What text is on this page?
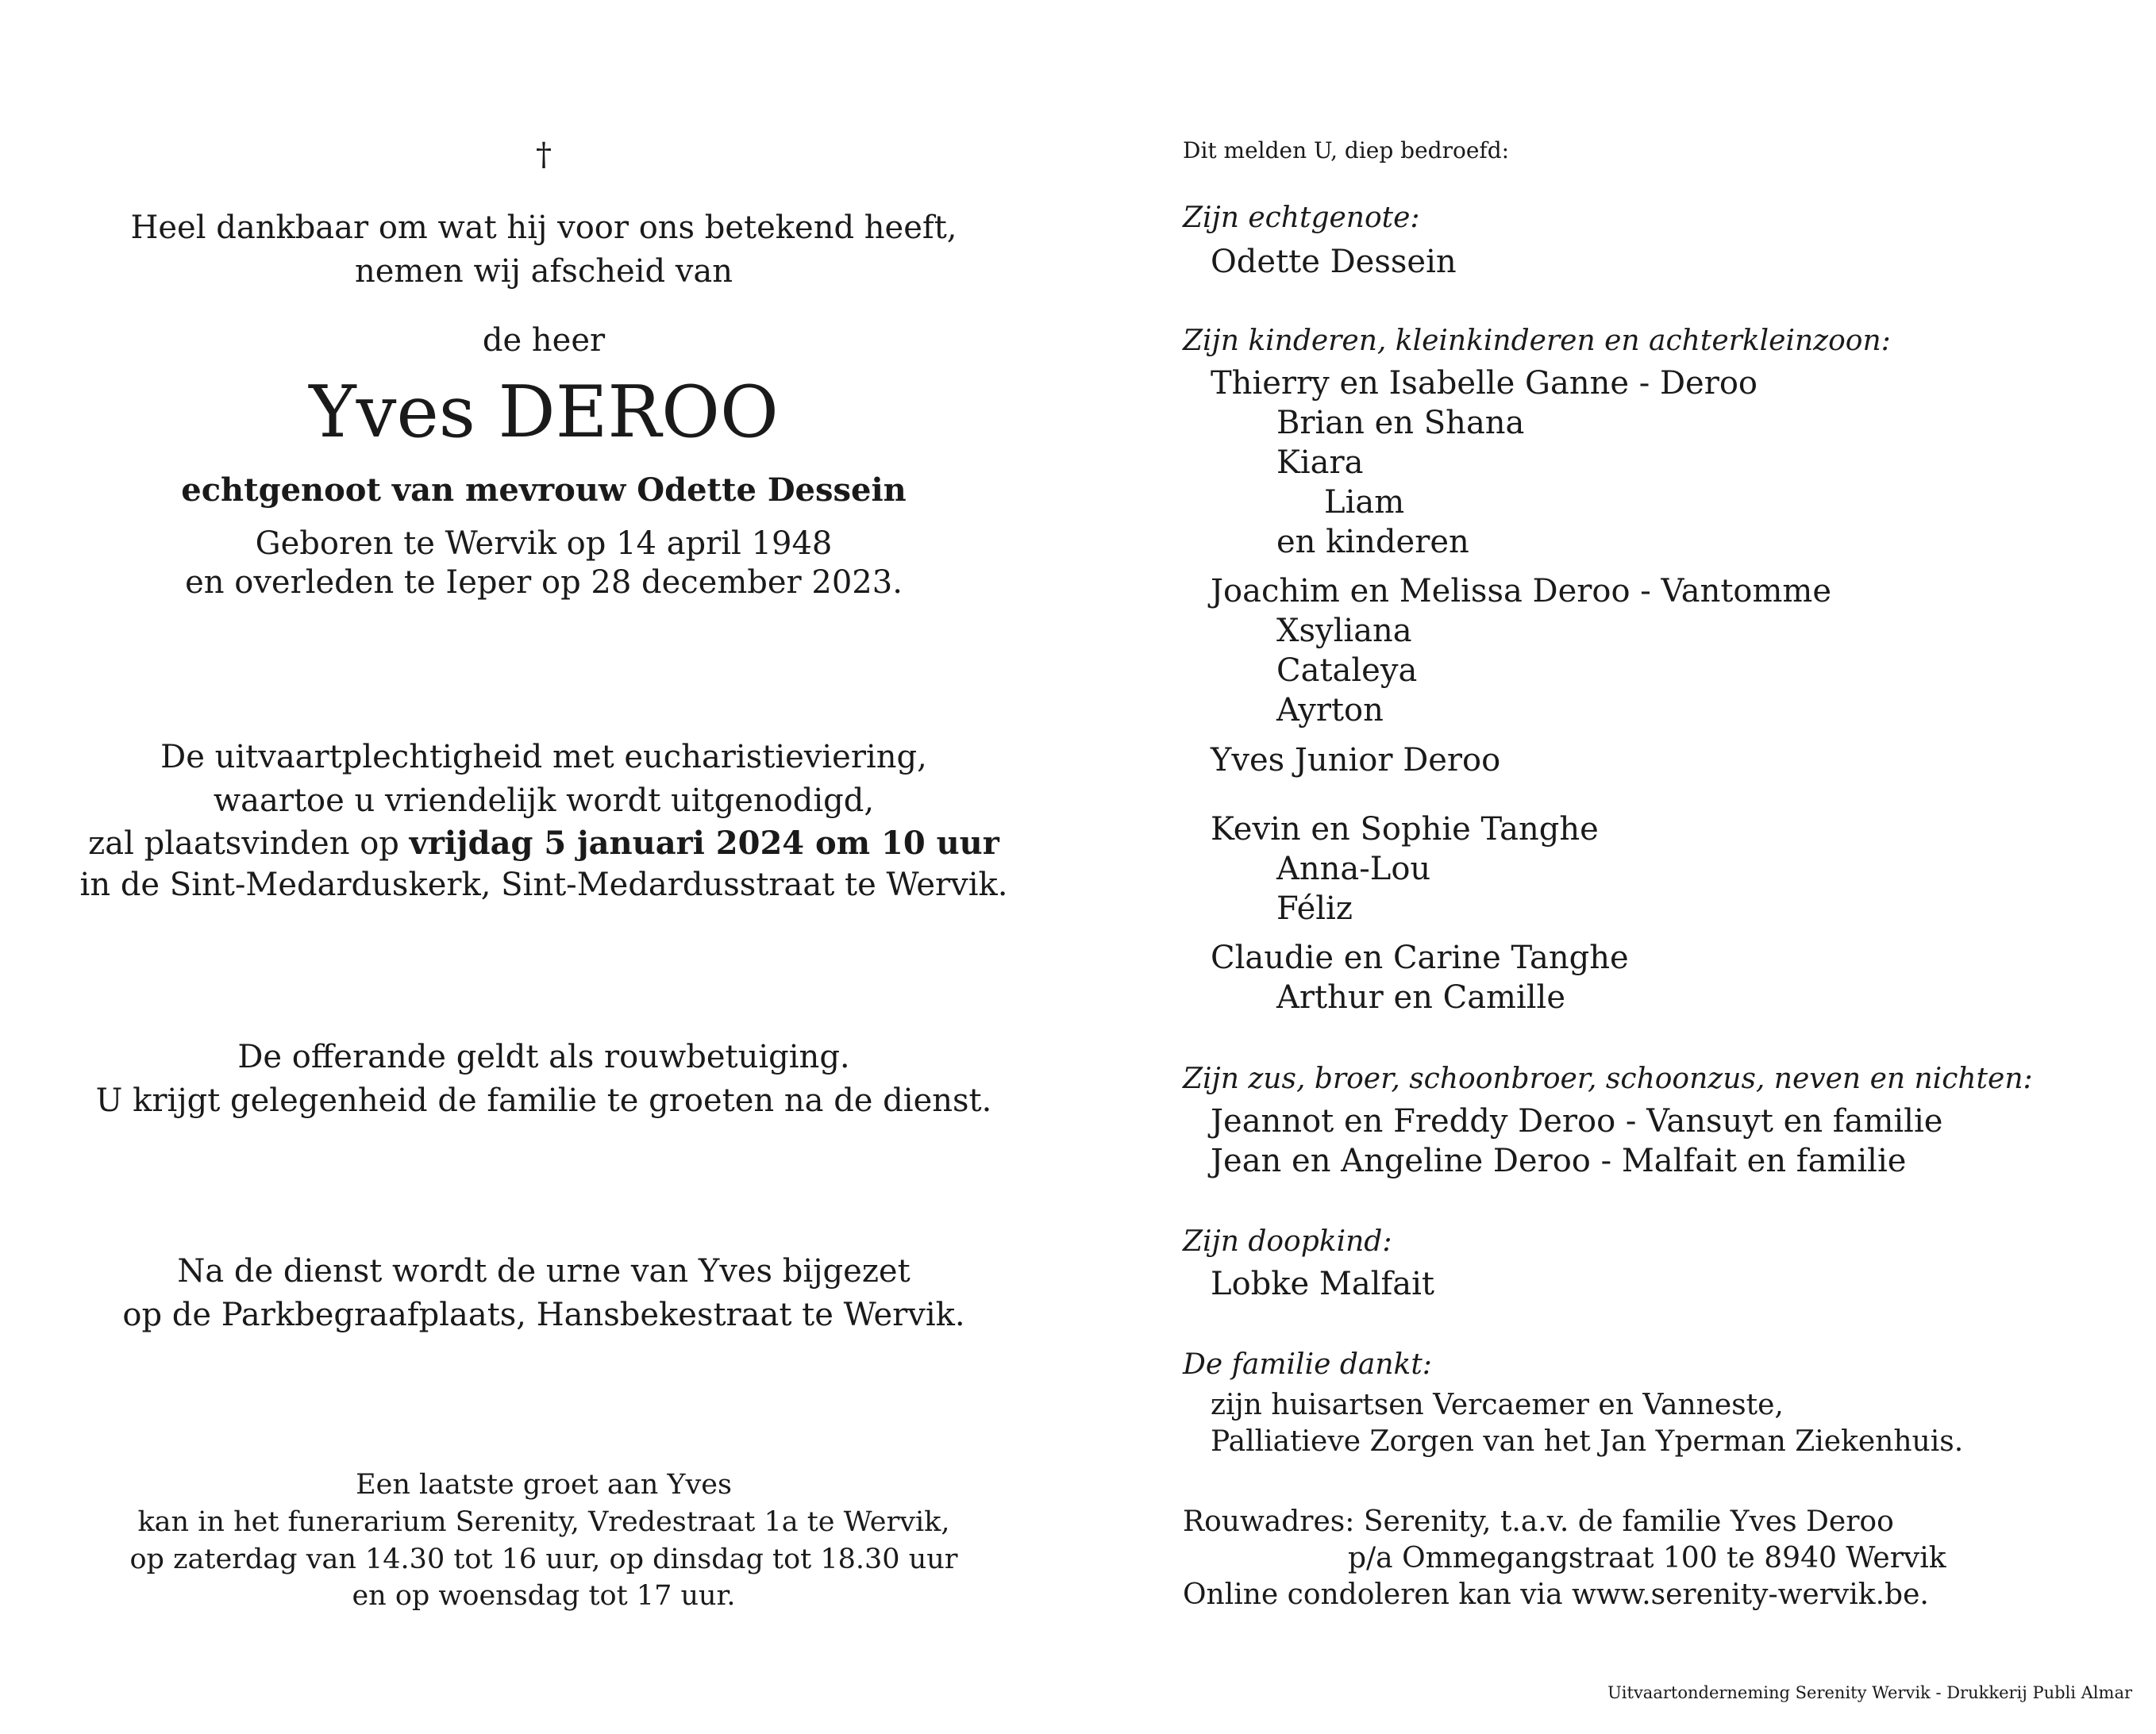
†
Heel dankbaar om wat hij voor ons betekend heeft,
nemen wij afscheid van
de heer
Yves DEROO
echtgenoot van mevrouw Odette Dessein
Geboren te Wervik op 14 april 1948
en overleden te Ieper op 28 december 2023.
De uitvaartplechtigheid met eucharistieviering,
waartoe u vriendelijk wordt uitgenodigd,
zal plaatsvinden op vrijdag 5 januari 2024 om 10 uur
in de Sint-Medarduskerk, Sint-Medardusstraat te Wervik.
De offerande geldt als rouwbetuiging.
U krijgt gelegenheid de familie te groeten na de dienst.
Na de dienst wordt de urne van Yves bijgezet
op de Parkbegraafplaats, Hansbekestraat te Wervik.
Een laatste groet aan Yves
kan in het funerarium Serenity, Vredestraat 1a te Wervik,
op zaterdag van 14.30 tot 16 uur, op dinsdag tot 18.30 uur
en op woensdag tot 17 uur.
Dit melden U, diep bedroefd:
Zijn echtgenote:
Odette Dessein
Zijn kinderen, kleinkinderen en achterkleinzoon:
Thierry en Isabelle Ganne - Deroo
Brian en Shana
Kiara
Liam
en kinderen
Joachim en Melissa Deroo - Vantomme
Xsyliana
Cataleya
Ayrton
Yves Junior Deroo
Kevin en Sophie Tanghe
Anna-Lou
Féliz
Claudie en Carine Tanghe
Arthur en Camille
Zijn zus, broer, schoonbroer, schoonzus, neven en nichten:
Jeannot en Freddy Deroo - Vansuyt en familie
Jean en Angeline Deroo - Malfait en familie
Zijn doopkind:
Lobke Malfait
De familie dankt:
zijn huisartsen Vercaemer en Vanneste,
Palliatieve Zorgen van het Jan Yperman Ziekenhuis.
Rouwadres: Serenity, t.a.v. de familie Yves Deroo
p/a Ommegangstraat 100 te 8940 Wervik
Online condoleren kan via www.serenity-wervik.be.
Uitvaartonderneming Serenity Wervik - Drukkerij Publi Almar
